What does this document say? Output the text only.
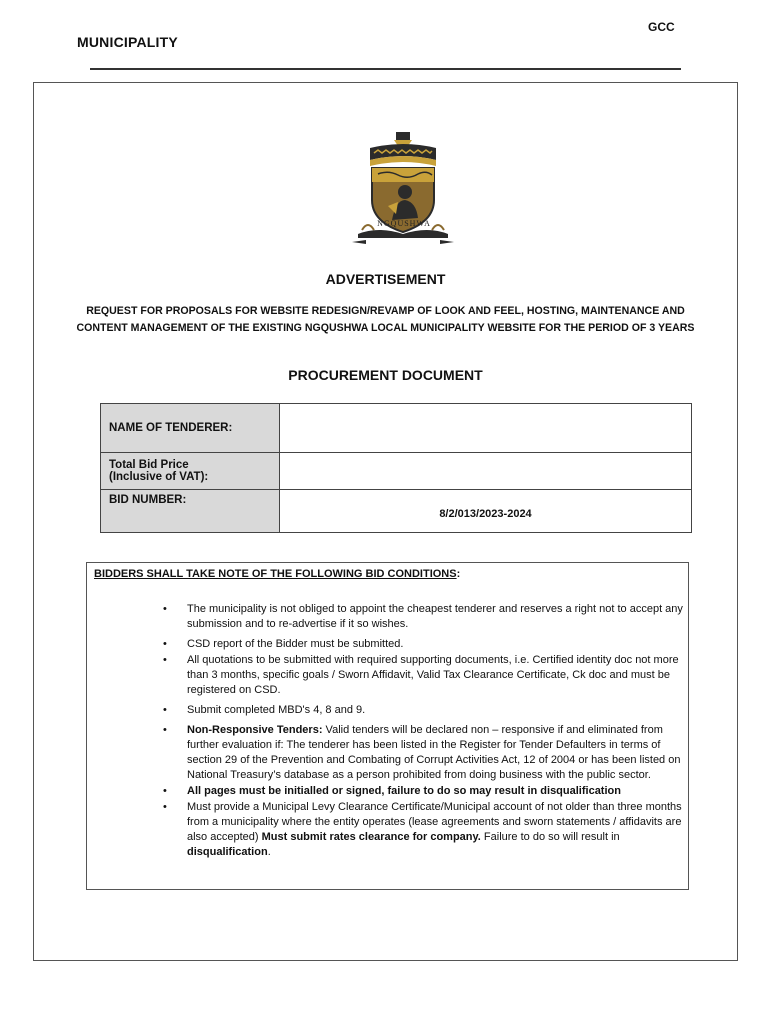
GCC
MUNICIPALITY
NGQUSHWA
ADVERTISEMENT
REQUEST FOR PROPOSALS FOR WEBSITE REDESIGN/REVAMP OF LOOK AND FEEL, HOSTING, MAINTENANCE AND CONTENT MANAGEMENT OF THE EXISTING NGQUSHWA LOCAL MUNICIPALITY WEBSITE FOR THE PERIOD OF 3 YEARS
PROCUREMENT DOCUMENT
NAME OF TENDERER:	

Total Bid Price
(Inclusive of VAT):	

BID NUMBER:	8/2/013/2023-2024
BIDDERS SHALL TAKE NOTE OF THE FOLLOWING BID CONDITIONS:
• The municipality is not obliged to appoint the cheapest tenderer and reserves a right not to accept any submission and to re-advertise if it so wishes.
• CSD report of the Bidder must be submitted.
• All quotations to be submitted with required supporting documents, i.e. Certified identity doc not more than 3 months, specific goals / Sworn Affidavit, Valid Tax Clearance Certificate, Ck doc and must be registered on CSD.
• Submit completed MBD's 4, 8 and 9.
• Non-Responsive Tenders: Valid tenders will be declared non – responsive if and eliminated from further evaluation if: The tenderer has been listed in the Register for Tender Defaulters in terms of section 29 of the Prevention and Combating of Corrupt Activities Act, 12 of 2004 or has been listed on National Treasury’s database as a person prohibited from doing business with the public sector.
• All pages must be initialled or signed, failure to do so may result in disqualification
• Must provide a Municipal Levy Clearance Certificate/Municipal account of not older than three months from a municipality where the entity operates (lease agreements and sworn statements / affidavits are also accepted) Must submit rates clearance for company. Failure to do so will result in disqualification.
